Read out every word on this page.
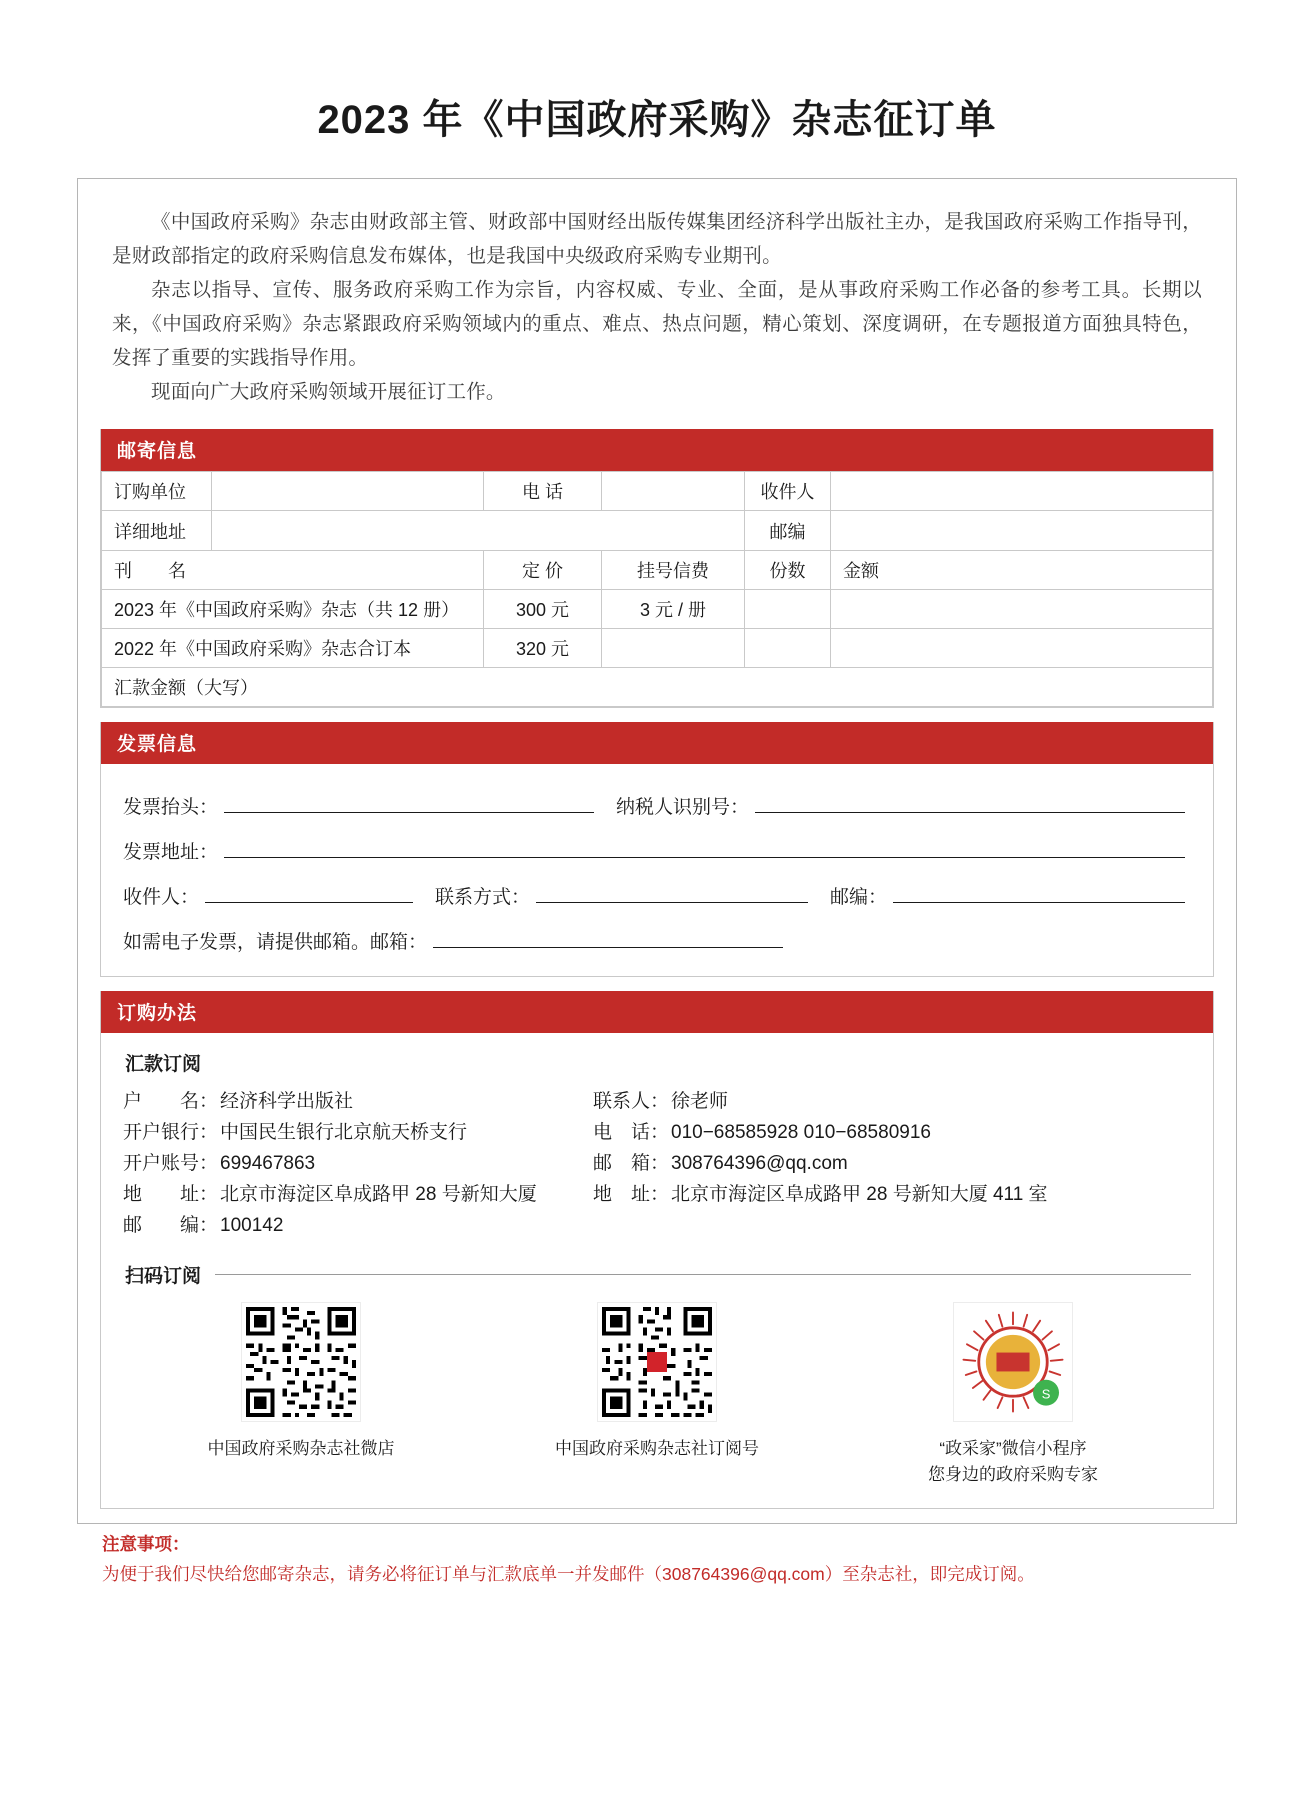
2023 年《中国政府采购》杂志征订单

《中国政府采购》杂志由财政部主管、财政部中国财经出版传媒集团经济科学出版社主办，是我国政府采购工作指导刊，是财政部指定的政府采购信息发布媒体，也是我国中央级政府采购专业期刊。

杂志以指导、宣传、服务政府采购工作为宗旨，内容权威、专业、全面，是从事政府采购工作必备的参考工具。长期以来，《中国政府采购》杂志紧跟政府采购领域内的重点、难点、热点问题，精心策划、深度调研，在专题报道方面独具特色，发挥了重要的实践指导作用。

现面向广大政府采购领域开展征订工作。

邮寄信息
订购单位		电 话		收件人	
详细地址				邮编	
刊　　名		定 价	挂号信费	份数	金额
2023 年《中国政府采购》杂志（共 12 册）		300 元	3 元 / 册		
2022 年《中国政府采购》杂志合订本		320 元			
汇款金额（大写）					
发票信息
发票抬头：	纳税人识别号：
发票地址：
收件人：	联系方式：	邮编：
如需电子发票，请提供邮箱。邮箱：
订购办法
汇款订阅
户　　名： 经济科学出版社
开户银行： 中国民生银行北京航天桥支行
开户账号： 699467863
地　　址： 北京市海淀区阜成路甲 28 号新知大厦
邮　　编： 100142
联系人： 徐老师
电　话： 010−68585928 010−68580916
邮　箱： 308764396@qq.com
地　址： 北京市海淀区阜成路甲 28 号新知大厦 411 室
扫码订阅
中国政府采购杂志社微店	中国政府采购杂志社订阅号
S
“政采家”微信小程序
您身边的政府采购专家
注意事项：
为便于我们尽快给您邮寄杂志，请务必将征订单与汇款底单一并发邮件（308764396@qq.com）至杂志社，即完成订阅。
